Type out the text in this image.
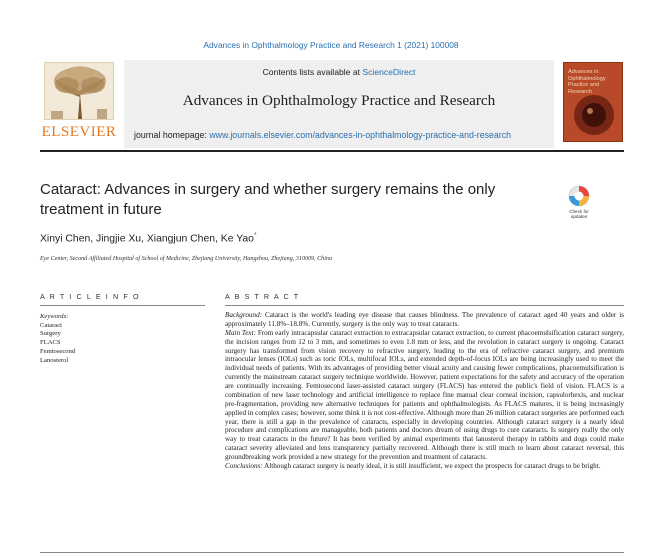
Advances in Ophthalmology Practice and Research 1 (2021) 100008
ELSEVIER
Contents lists available at ScienceDirect
Advances in Ophthalmology Practice and Research
journal homepage: www.journals.elsevier.com/advances-in-ophthalmology-practice-and-research
Advances in Ophthalmology Practice and Research
Cataract: Advances in surgery and whether surgery remains the only treatment in future	Check for updates
Xinyi Chen, Jingjie Xu, Xiangjun Chen, Ke Yao*
Eye Center, Second Affiliated Hospital of School of Medicine, Zhejiang University, Hangzhou, Zhejiang, 310009, China
A R T I C L E I N F O	A B S T R A C T
Keywords:
Cataract
Surgery
FLACS
Femtosecond
Lanosterol

Background: Cataract is the world's leading eye disease that causes blindness. The prevalence of cataract aged 40 years and older is approximately 11.8%–18.8%. Currently, surgery is the only way to treat cataracts.

Main Text: From early intracapsular cataract extraction to extracapsular cataract extraction, to current phacoemulsification cataract surgery, the incision ranges from 12 to 3 mm, and sometimes to even 1.8 mm or less, and the revolution in cataract surgery is ongoing. Cataract surgery has transformed from vision recovery to refractive surgery, leading to the era of refractive cataract surgery, and premium intraocular lenses (IOLs) such as toric IOLs, multifocal IOLs, and extended depth-of-focus IOLs are being increasingly used to meet the individual needs of patients. With its advantages of providing better visual acuity and causing fewer complications, phacoemulsification is currently the mainstream cataract surgery technique worldwide. However, patient expectations for the safety and accuracy of the operation are continually increasing. Femtosecond laser-assisted cataract surgery (FLACS) has entered the public's field of vision. FLACS is a combination of new laser technology and artificial intelligence to replace fine manual clear corneal incision, capsulorhexis, and nuclear pre-fragmentation, providing new alternative techniques for patients and ophthalmologists. As FLACS matures, it is being increasingly applied in complex cases; however, some think it is not cost-effective. Although more than 26 million cataract surgeries are performed each year, there is still a gap in the prevalence of cataracts, especially in developing countries. Although cataract surgery is a nearly ideal procedure and complications are manageable, both patients and doctors dream of using drugs to cure cataracts. Is surgery really the only way to treat cataracts in the future? It has been verified by animal experiments that lanosterol therapy in rabbits and dogs could make cataract severity alleviated and lens transparency partially recovered. Although there is still much to learn about cataract reversal, this groundbreaking work provided a new strategy for the prevention and treatment of cataracts.

Conclusions: Although cataract surgery is nearly ideal, it is still insufficient, we expect the prospects for cataract drugs to be bright.
